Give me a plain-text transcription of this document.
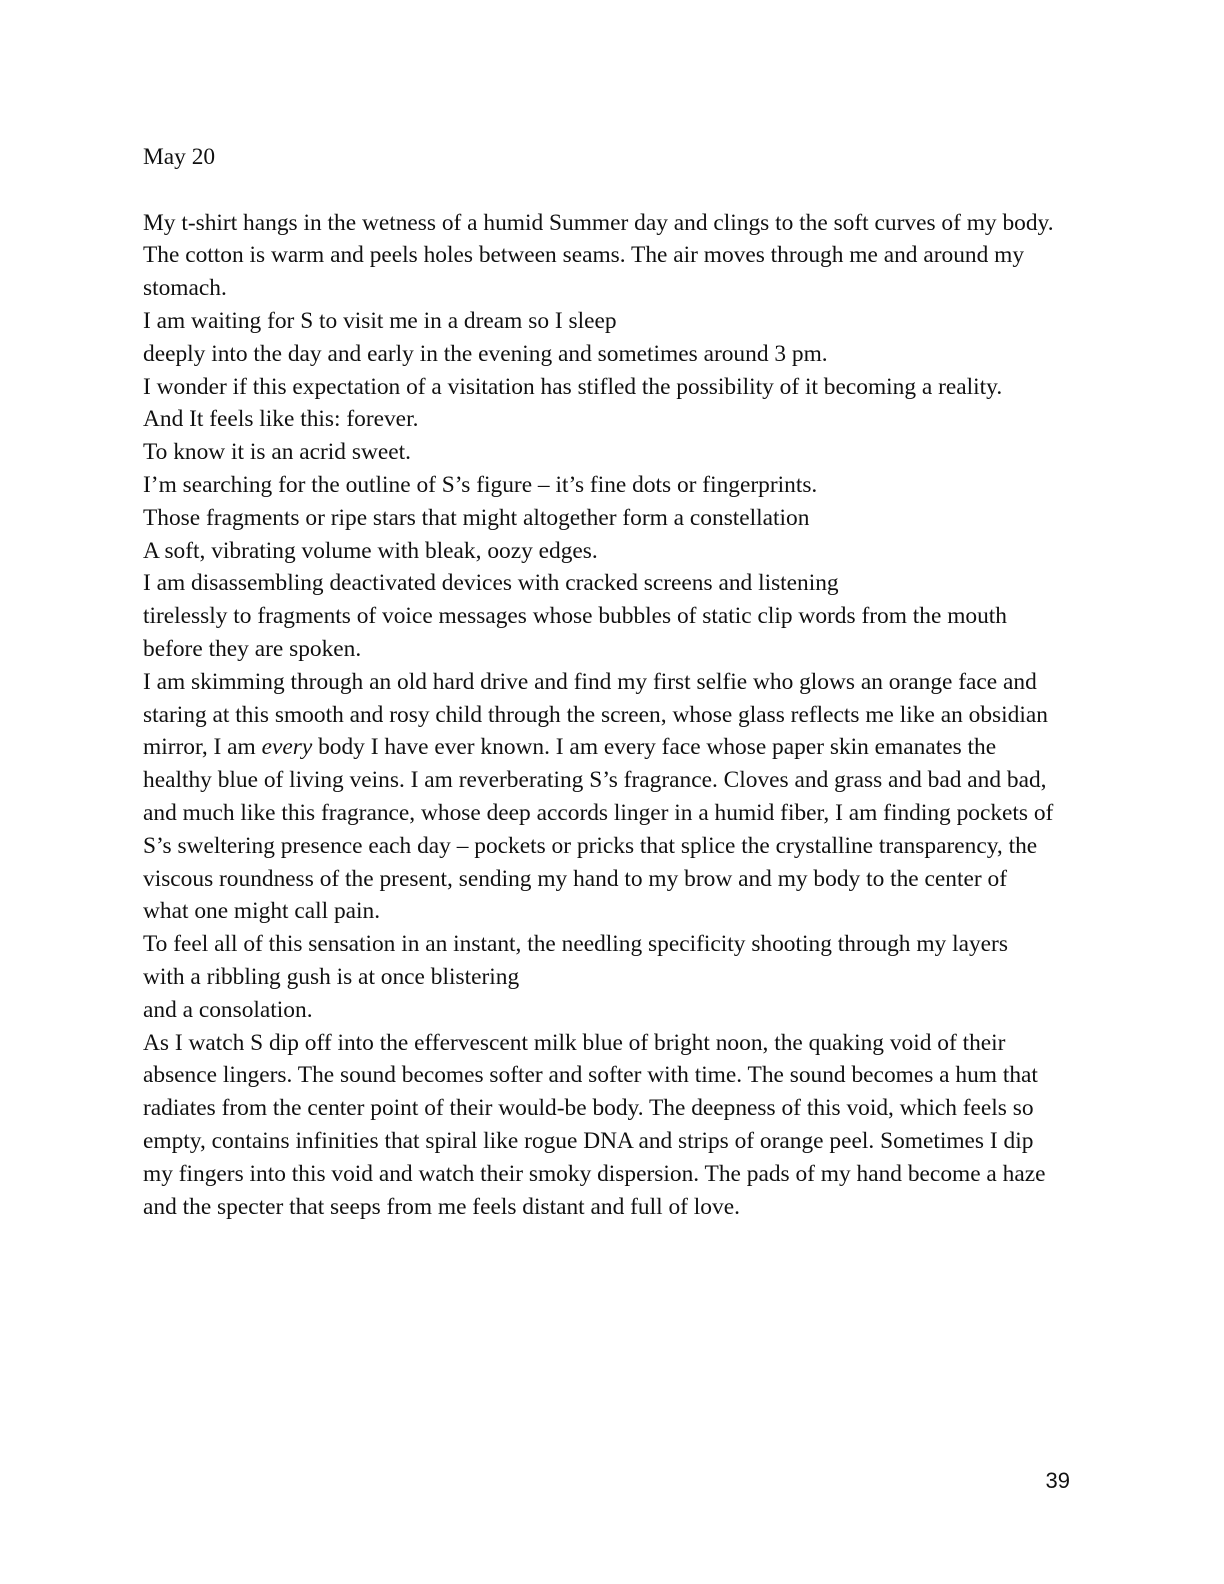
May 20

My t-shirt hangs in the wetness of a humid Summer day and clings to the soft curves of my body.

The cotton is warm and peels holes between seams. The air moves through me and around my

stomach.

I am waiting for S to visit me in a dream so I sleep

deeply into the day and early in the evening and sometimes around 3 pm.

I wonder if this expectation of a visitation has stifled the possibility of it becoming a reality.

And It feels like this: forever.

To know it is an acrid sweet.

I’m searching for the outline of S’s figure – it’s fine dots or fingerprints.

Those fragments or ripe stars that might altogether form a constellation

A soft, vibrating volume with bleak, oozy edges.

I am disassembling deactivated devices with cracked screens and listening

tirelessly to fragments of voice messages whose bubbles of static clip words from the mouth

before they are spoken.

I am skimming through an old hard drive and find my first selfie who glows an orange face and

staring at this smooth and rosy child through the screen, whose glass reflects me like an obsidian

mirror, I am every body I have ever known. I am every face whose paper skin emanates the

healthy blue of living veins. I am reverberating S’s fragrance. Cloves and grass and bad and bad,

and much like this fragrance, whose deep accords linger in a humid fiber, I am finding pockets of

S’s sweltering presence each day – pockets or pricks that splice the crystalline transparency, the

viscous roundness of the present, sending my hand to my brow and my body to the center of

what one might call pain.

To feel all of this sensation in an instant, the needling specificity shooting through my layers

with a ribbling gush is at once blistering

and a consolation.

As I watch S dip off into the effervescent milk blue of bright noon, the quaking void of their

absence lingers. The sound becomes softer and softer with time. The sound becomes a hum that

radiates from the center point of their would-be body. The deepness of this void, which feels so

empty, contains infinities that spiral like rogue DNA and strips of orange peel. Sometimes I dip

my fingers into this void and watch their smoky dispersion. The pads of my hand become a haze

and the specter that seeps from me feels distant and full of love.

39
